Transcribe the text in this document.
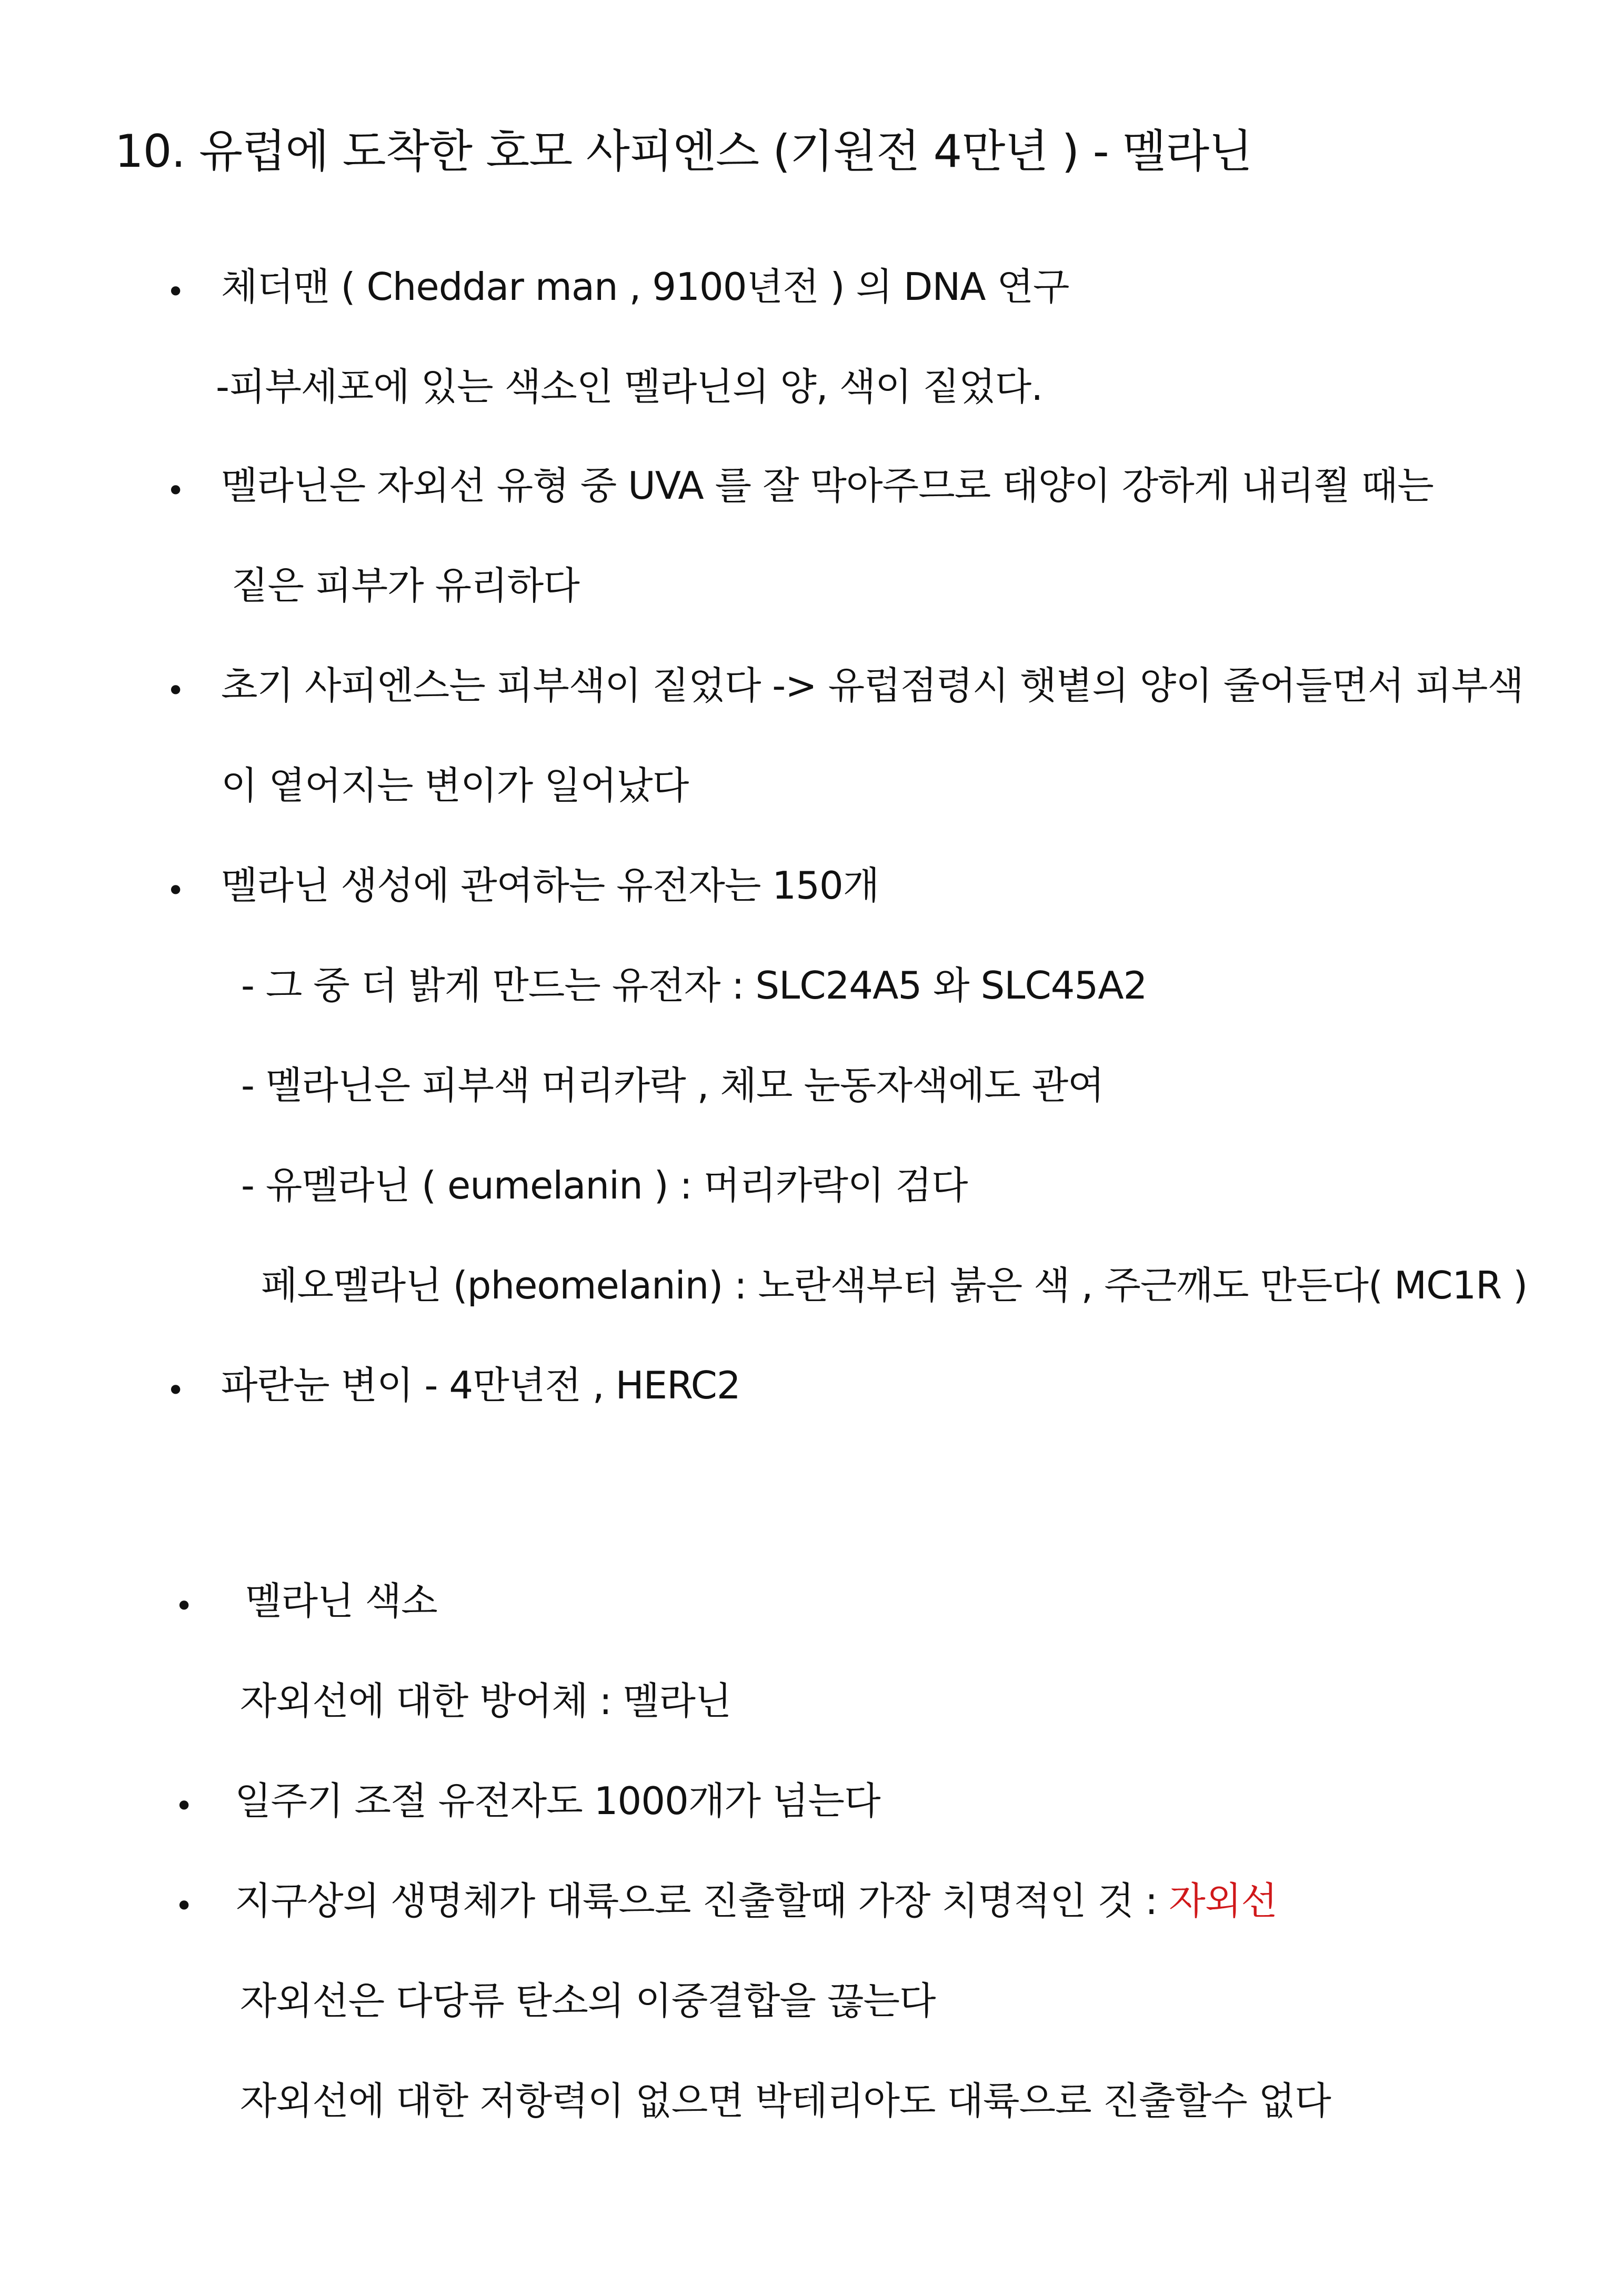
10. 유럽에 도착한 호모 사피엔스 (기원전 4만년 ) - 멜라닌
• 체더맨 ( Cheddar man , 9100년전 ) 의 DNA 연구
-피부세포에 있는 색소인 멜라닌의 양, 색이 짙었다.
• 멜라닌은 자외선 유형 중 UVA 를 잘 막아주므로 태양이 강하게 내리쬘 때는
짙은 피부가 유리하다
• 초기 사피엔스는 피부색이 짙었다 -> 유럽점령시 햇볕의 양이 줄어들면서 피부색
이 옅어지는 변이가 일어났다
• 멜라닌 생성에 관여하는 유전자는 150개
- 그 중 더 밝게 만드는 유전자 : SLC24A5 와 SLC45A2
- 멜라닌은 피부색 머리카락 , 체모 눈동자색에도 관여
- 유멜라닌 ( eumelanin ) : 머리카락이 검다
페오멜라닌 (pheomelanin) : 노란색부터 붉은 색 , 주근깨도 만든다( MC1R )
• 파란눈 변이 - 4만년전 , HERC2
• 멜라닌 색소
자외선에 대한 방어체 : 멜라닌
• 일주기 조절 유전자도 1000개가 넘는다
• 지구상의 생명체가 대륙으로 진출할때 가장 치명적인 것 : 자외선
자외선은 다당류 탄소의 이중결합을 끊는다
자외선에 대한 저항력이 없으면 박테리아도 대륙으로 진출할수 없다
